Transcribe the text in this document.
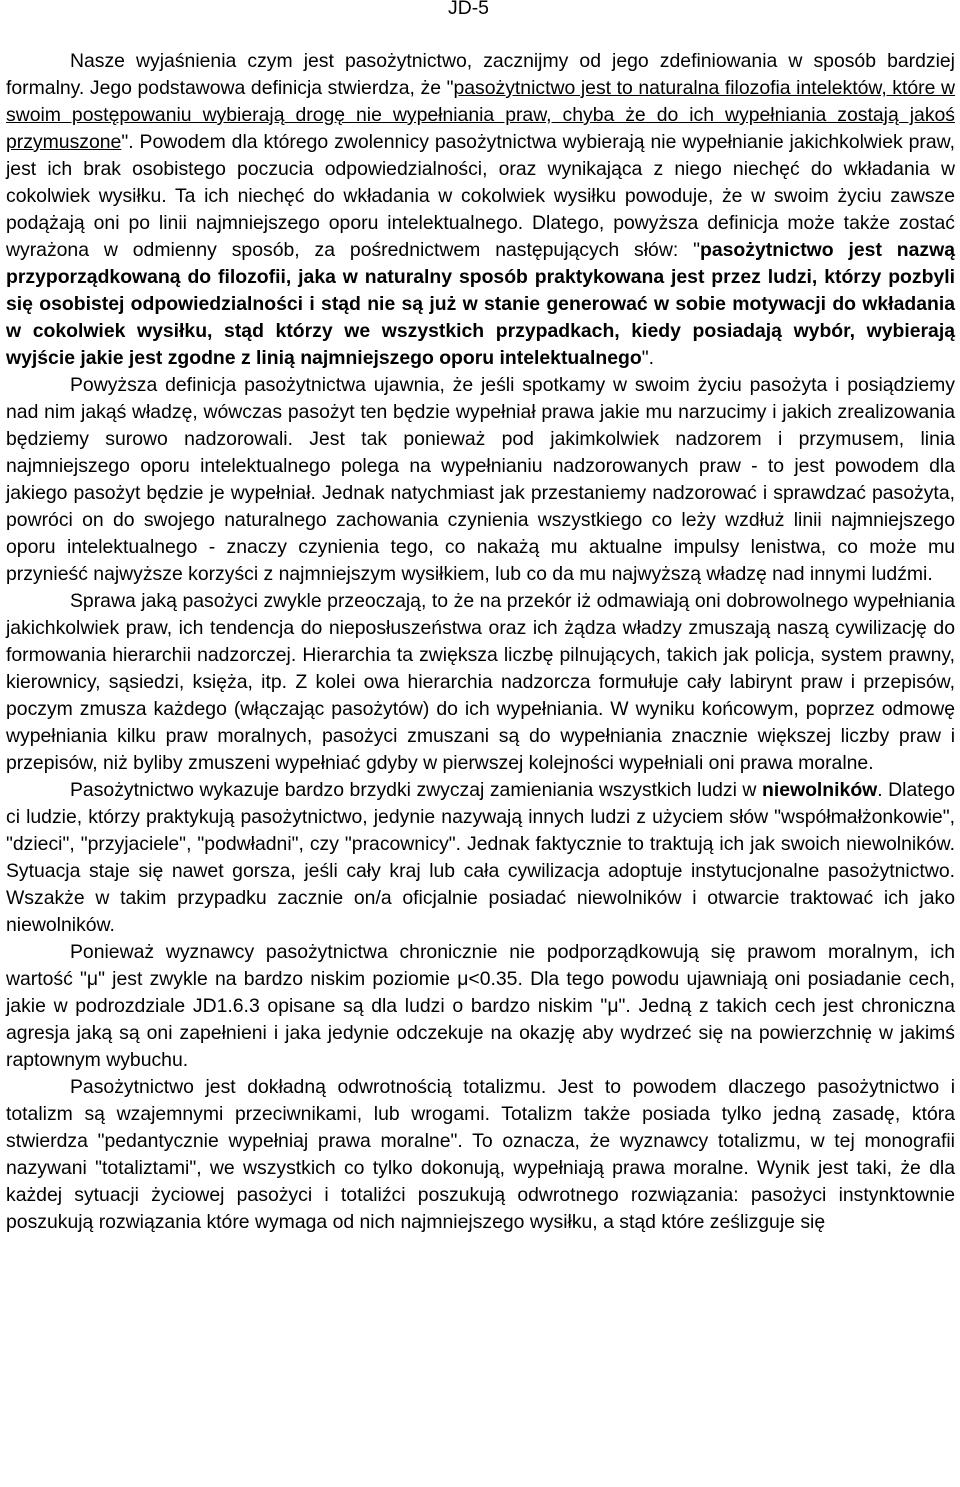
JD-5

Nasze wyjaśnienia czym jest pasożytnictwo, zacznijmy od jego zdefiniowania w sposób bardziej formalny. Jego podstawowa definicja stwierdza, że "pasożytnictwo jest to naturalna filozofia intelektów, które w swoim postępowaniu wybierają drogę nie wypełniania praw, chyba że do ich wypełniania zostają jakoś przymuszone". Powodem dla którego zwolennicy pasożytnictwa wybierają nie wypełnianie jakichkolwiek praw, jest ich brak osobistego poczucia odpowiedzialności, oraz wynikająca z niego niechęć do wkładania w cokolwiek wysiłku. Ta ich niechęć do wkładania w cokolwiek wysiłku powoduje, że w swoim życiu zawsze podążają oni po linii najmniejszego oporu intelektualnego. Dlatego, powyższa definicja może także zostać wyrażona w odmienny sposób, za pośrednictwem następujących słów: "pasożytnictwo jest nazwą przyporządkowaną do filozofii, jaka w naturalny sposób praktykowana jest przez ludzi, którzy pozbyli się osobistej odpowiedzialności i stąd nie są już w stanie generować w sobie motywacji do wkładania w cokolwiek wysiłku, stąd którzy we wszystkich przypadkach, kiedy posiadają wybór, wybierają wyjście jakie jest zgodne z linią najmniejszego oporu intelektualnego".

Powyższa definicja pasożytnictwa ujawnia, że jeśli spotkamy w swoim życiu pasożyta i posiądziemy nad nim jakąś władzę, wówczas pasożyt ten będzie wypełniał prawa jakie mu narzucimy i jakich zrealizowania będziemy surowo nadzorowali. Jest tak ponieważ pod jakimkolwiek nadzorem i przymusem, linia najmniejszego oporu intelektualnego polega na wypełnianiu nadzorowanych praw - to jest powodem dla jakiego pasożyt będzie je wypełniał. Jednak natychmiast jak przestaniemy nadzorować i sprawdzać pasożyta, powróci on do swojego naturalnego zachowania czynienia wszystkiego co leży wzdłuż linii najmniejszego oporu intelektualnego - znaczy czynienia tego, co nakażą mu aktualne impulsy lenistwa, co może mu przynieść najwyższe korzyści z najmniejszym wysiłkiem, lub co da mu najwyższą władzę nad innymi ludźmi.

Sprawa jaką pasożyci zwykle przeoczają, to że na przekór iż odmawiają oni dobrowolnego wypełniania jakichkolwiek praw, ich tendencja do nieposłuszeństwa oraz ich żądza władzy zmuszają naszą cywilizację do formowania hierarchii nadzorczej. Hierarchia ta zwiększa liczbę pilnujących, takich jak policja, system prawny, kierownicy, sąsiedzi, księża, itp. Z kolei owa hierarchia nadzorcza formułuje cały labirynt praw i przepisów, poczym zmusza każdego (włączając pasożytów) do ich wypełniania. W wyniku końcowym, poprzez odmowę wypełniania kilku praw moralnych, pasożyci zmuszani są do wypełniania znacznie większej liczby praw i przepisów, niż byliby zmuszeni wypełniać gdyby w pierwszej kolejności wypełniali oni prawa moralne.

Pasożytnictwo wykazuje bardzo brzydki zwyczaj zamieniania wszystkich ludzi w niewolników. Dlatego ci ludzie, którzy praktykują pasożytnictwo, jedynie nazywają innych ludzi z użyciem słów "współmałżonkowie", "dzieci", "przyjaciele", "podwładni", czy "pracownicy". Jednak faktycznie to traktują ich jak swoich niewolników. Sytuacja staje się nawet gorsza, jeśli cały kraj lub cała cywilizacja adoptuje instytucjonalne pasożytnictwo. Wszakże w takim przypadku zacznie on/a oficjalnie posiadać niewolników i otwarcie traktować ich jako niewolników.

Ponieważ wyznawcy pasożytnictwa chronicznie nie podporządkowują się prawom moralnym, ich wartość "μ" jest zwykle na bardzo niskim poziomie μ<0.35. Dla tego powodu ujawniają oni posiadanie cech, jakie w podrozdziale JD1.6.3 opisane są dla ludzi o bardzo niskim "μ". Jedną z takich cech jest chroniczna agresja jaką są oni zapełnieni i jaka jedynie odczekuje na okazję aby wydrzeć się na powierzchnię w jakimś raptownym wybuchu.

Pasożytnictwo jest dokładną odwrotnością totalizmu. Jest to powodem dlaczego pasożytnictwo i totalizm są wzajemnymi przeciwnikami, lub wrogami. Totalizm także posiada tylko jedną zasadę, która stwierdza "pedantycznie wypełniaj prawa moralne". To oznacza, że wyznawcy totalizmu, w tej monografii nazywani "totaliztami", we wszystkich co tylko dokonują, wypełniają prawa moralne. Wynik jest taki, że dla każdej sytuacji życiowej pasożyci i totaliźci poszukują odwrotnego rozwiązania: pasożyci instynktownie poszukują rozwiązania które wymaga od nich najmniejszego wysiłku, a stąd które ześlizguje się
